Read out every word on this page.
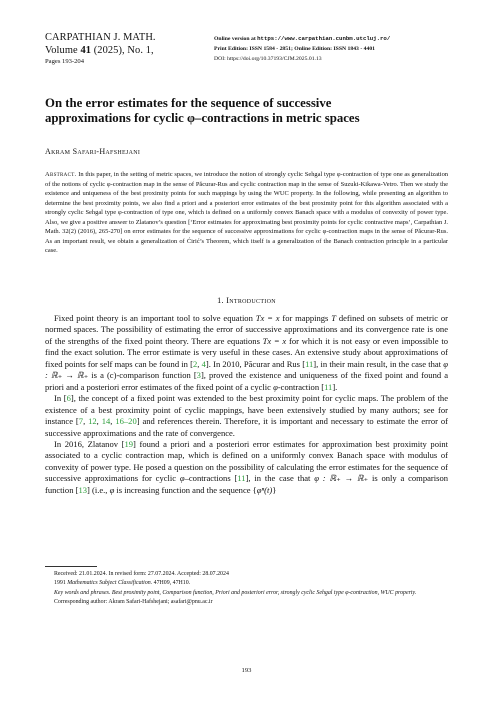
CARPATHIAN J. MATH.
Volume 41 (2025), No. 1,
Pages 193-204
Online version at https://www.carpathian.cunbm.utcluj.ro/
Print Edition: ISSN 1584 - 2851; Online Edition: ISSN 1843 - 4401
DOI: https://doi.org/10.37193/CJM.2025.01.13
On the error estimates for the sequence of successive
approximations for cyclic φ–contractions in metric spaces
Akram Safari-Hafshejani
Abstract. In this paper, in the setting of metric spaces, we introduce the notion of strongly cyclic Sehgal type φ-contraction of type one as generalization of the notions of cyclic φ-contraction map in the sense of Păcurar-Rus and cyclic contraction map in the sense of Suzuki-Kikawa-Vetro. Then we study the existence and uniqueness of the best proximity points for such mappings by using the WUC property. In the following, while presenting an algorithm to determine the best proximity points, we also find a priori and a posteriori error estimates of the best proximity point for this algorithm associated with a strongly cyclic Sehgal type φ-contraction of type one, which is defined on a uniformly convex Banach space with a modulus of convexity of power type. Also, we give a positive answer to Zlatanov’s question [‘Error estimates for approximating best proximity points for cyclic contractive maps’, Carpathian J. Math. 32(2) (2016), 265-270] on error estimates for the sequence of successive approximations for cyclic φ-contraction maps in the sense of Păcurar-Rus. As an important result, we obtain a generalization of Ćirić’s Theorem, which itself is a generalization of the Banach contraction principle in a particular case.
1. Introduction

Fixed point theory is an important tool to solve equation Tx = x for mappings T defined on subsets of metric or normed spaces. The possibility of estimating the error of successive approximations and its convergence rate is one of the strengths of the fixed point theory. There are equations Tx = x for which it is not easy or even impossible to find the exact solution. The error estimate is very useful in these cases. An extensive study about approximations of fixed points for self maps can be found in [2, 4]. In 2010, Păcurar and Rus [11], in their main result, in the case that φ : ℝ₊ → ℝ₊ is a (c)-comparison function [3], proved the existence and uniqueness of the fixed point and found a priori and a posteriori error estimates of the fixed point of a cyclic φ-contraction [11].

In [6], the concept of a fixed point was extended to the best proximity point for cyclic maps. The problem of the existence of a best proximity point of cyclic mappings, have been extensively studied by many authors; see for instance [7, 12, 14, 16–20] and references therein. Therefore, it is important and necessary to estimate the error of successive approximations and the rate of convergence.

In 2016, Zlatanov [19] found a priori and a posteriori error estimates for approximation best proximity point associated to a cyclic contraction map, which is defined on a uniformly convex Banach space with modulus of convexity of power type. He posed a question on the possibility of calculating the error estimates for the sequence of successive approximations for cyclic φ–contractions [11], in the case that φ : ℝ₊ → ℝ₊ is only a comparison function [13] (i.e., φ is increasing function and the sequence {φⁿ(t)}

Received: 21.01.2024. In revised form: 27.07.2024. Accepted: 28.07.2024

1991 Mathematics Subject Classification. 47H09, 47H10.

Key words and phrases. Best proximity point, Comparison function, Priori and posteriori error, strongly cyclic Sehgal type φ-contraction, WUC property.

Corresponding author: Akram Safari-Hafshejani; asafari@pnu.ac.ir

193
